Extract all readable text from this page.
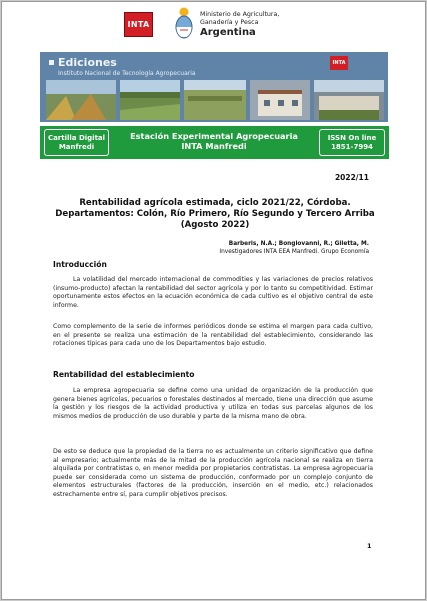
INTA
Ministerio de Agricultura,
Ganadería y Pesca
Argentina
Ediciones
Instituto Nacional de Tecnología Agropecuaria
INTA
Cartilla Digital
Manfredi
Estación Experimental Agropecuaria
INTA Manfredi
ISSN On line
1851-7994
2022/11
Rentabilidad agrícola estimada, ciclo 2021/22, Córdoba.
Departamentos: Colón, Río Primero, Río Segundo y Tercero Arriba
(Agosto 2022)
Barberis, N.A.; Bongiovanni, R.; Giletta, M.
Investigadores INTA EEA Manfredi. Grupo Economía
Introducción
La volatilidad del mercado internacional de commodities y las variaciones de precios relativos (insumo-producto) afectan la rentabilidad del sector agrícola y por lo tanto su competitividad. Estimar oportunamente estos efectos en la ecuación económica de cada cultivo es el objetivo central de este informe.
Como complemento de la serie de informes periódicos donde se estima el margen para cada cultivo, en el presente se realiza una estimación de la rentabilidad del establecimiento, considerando las rotaciones típicas para cada uno de los Departamentos bajo estudio.
Rentabilidad del establecimiento
La empresa agropecuaria se define como una unidad de organización de la producción que genera bienes agrícolas, pecuarios o forestales destinados al mercado, tiene una dirección que asume la gestión y los riesgos de la actividad productiva y utiliza en todas sus parcelas algunos de los mismos medios de producción de uso durable y parte de la misma mano de obra.
De esto se deduce que la propiedad de la tierra no es actualmente un criterio significativo que define al empresario; actualmente más de la mitad de la producción agrícola nacional se realiza en tierra alquilada por contratistas o, en menor medida por propietarios contratistas. La empresa agropecuaria puede ser considerada como un sistema de producción, conformado por un complejo conjunto de elementos estructurales (factores de la producción, inserción en el medio, etc.) relacionados estrechamente entre sí, para cumplir objetivos precisos.
1
